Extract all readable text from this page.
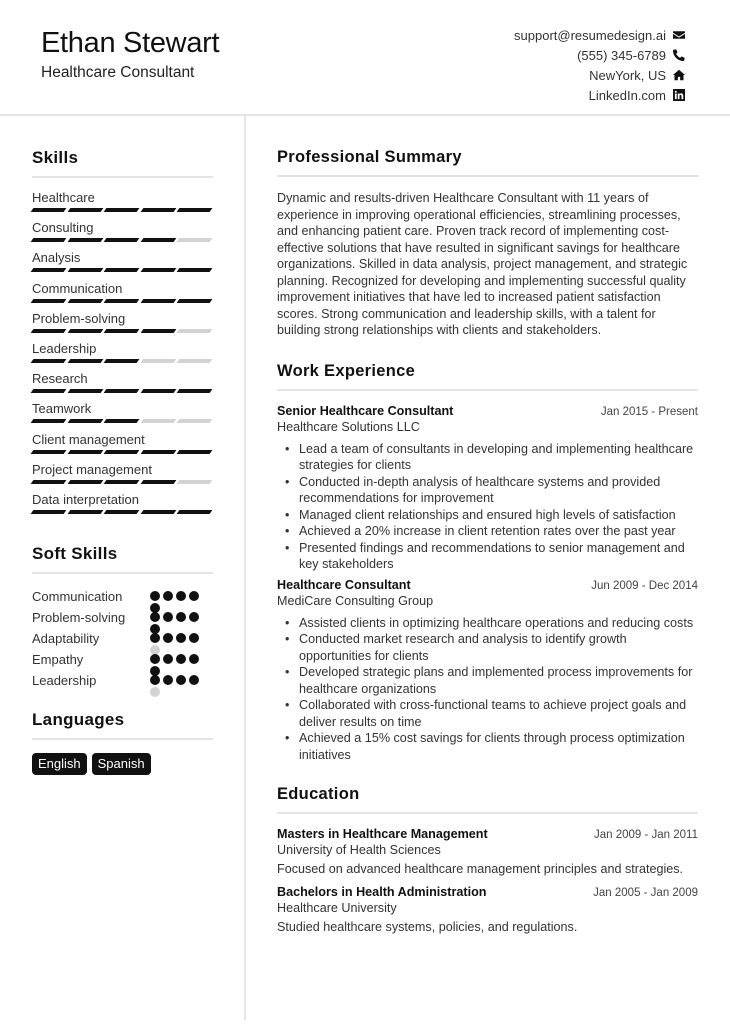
Ethan Stewart
Healthcare Consultant
support@resumedesign.ai
(555) 345-6789
NewYork, US
LinkedIn.com
Skills
Healthcare
Consulting
Analysis
Communication
Problem-solving
Leadership
Research
Teamwork
Client management
Project management
Data interpretation
Soft Skills
Communication
Problem-solving
Adaptability
Empathy
Leadership
Languages
English	Spanish
Professional Summary

Dynamic and results-driven Healthcare Consultant with 11 years of experience in improving operational efficiencies, streamlining processes, and enhancing patient care. Proven track record of implementing cost-effective solutions that have resulted in significant savings for healthcare organizations. Skilled in data analysis, project management, and strategic planning. Recognized for developing and implementing successful quality improvement initiatives that have led to increased patient satisfaction scores. Strong communication and leadership skills, with a talent for building strong relationships with clients and stakeholders.

Work Experience
Senior Healthcare Consultant	Jan 2015 - Present
Healthcare Solutions LLC
• Lead a team of consultants in developing and implementing healthcare strategies for clients
• Conducted in-depth analysis of healthcare systems and provided recommendations for improvement
• Managed client relationships and ensured high levels of satisfaction
• Achieved a 20% increase in client retention rates over the past year
• Presented findings and recommendations to senior management and key stakeholders
Healthcare Consultant	Jun 2009 - Dec 2014
MediCare Consulting Group
• Assisted clients in optimizing healthcare operations and reducing costs
• Conducted market research and analysis to identify growth opportunities for clients
• Developed strategic plans and implemented process improvements for healthcare organizations
• Collaborated with cross-functional teams to achieve project goals and deliver results on time
• Achieved a 15% cost savings for clients through process optimization initiatives
Education
Masters in Healthcare Management	Jan 2009 - Jan 2011
University of Health Sciences
Focused on advanced healthcare management principles and strategies.
Bachelors in Health Administration	Jan 2005 - Jan 2009
Healthcare University
Studied healthcare systems, policies, and regulations.
